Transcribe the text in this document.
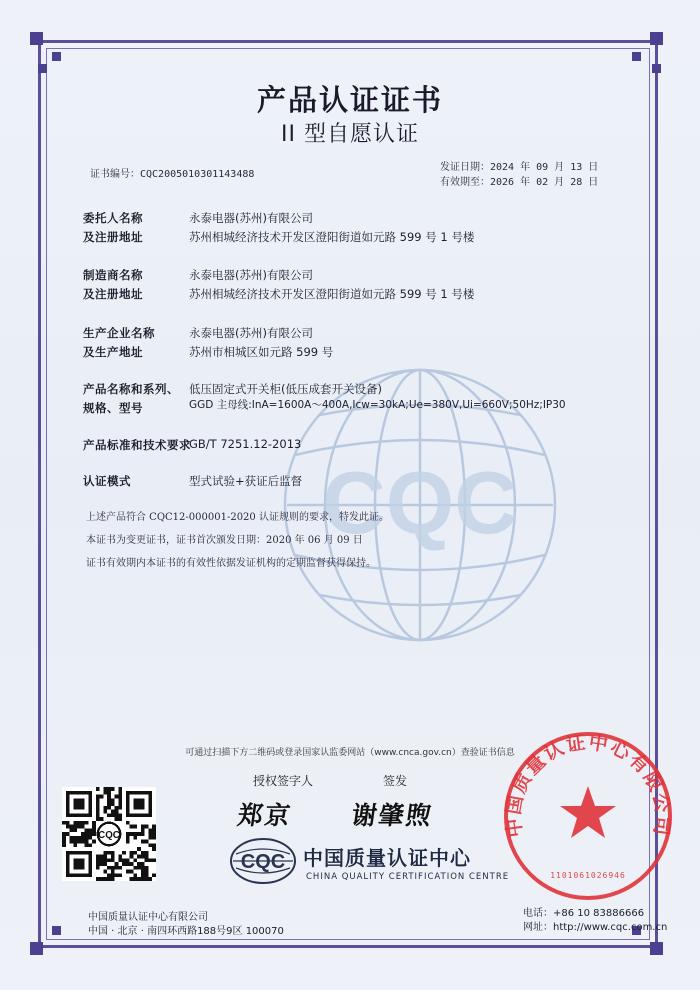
CQC
产品认证证书
II 型自愿认证
证书编号：CQC2005010301143488
发证日期：2024 年 09 月 13 日
有效期至：2026 年 02 月 28 日
委托人名称
及注册地址
永泰电器(苏州)有限公司
苏州相城经济技术开发区澄阳街道如元路 599 号 1 号楼
制造商名称
及注册地址
永泰电器(苏州)有限公司
苏州相城经济技术开发区澄阳街道如元路 599 号 1 号楼
生产企业名称
及生产地址
永泰电器(苏州)有限公司
苏州市相城区如元路 599 号
产品名称和系列、
规格、型号
低压固定式开关柜(低压成套开关设备)
GGD 主母线:InA=1600A～400A,Icw=30kA;Ue=380V,Ui=660V;50Hz;IP30
产品标准和技术要求
GB/T 7251.12-2013
认证模式	型式试验+获证后监督
上述产品符合 CQC12-000001-2020 认证规则的要求，特发此证。
本证书为变更证书，证书首次颁发日期：2020 年 06 月 09 日
证书有效期内本证书的有效性依据发证机构的定期监督获得保持。
可通过扫描下方二维码或登录国家认监委网站（www.cnca.gov.cn）查验证书信息
授权签字人	签发
郑京 谢肇煦
CQC
CQC 中国质量认证中心
CHINA QUALITY CERTIFICATION CENTRE
中国质量认证中心有限公司
中国 · 北京 · 南四环西路188号9区 100070
电话：+86 10 83886666
网址：http://www.cqc.com.cn
中国质量认证中心有限公司
1101061026946
